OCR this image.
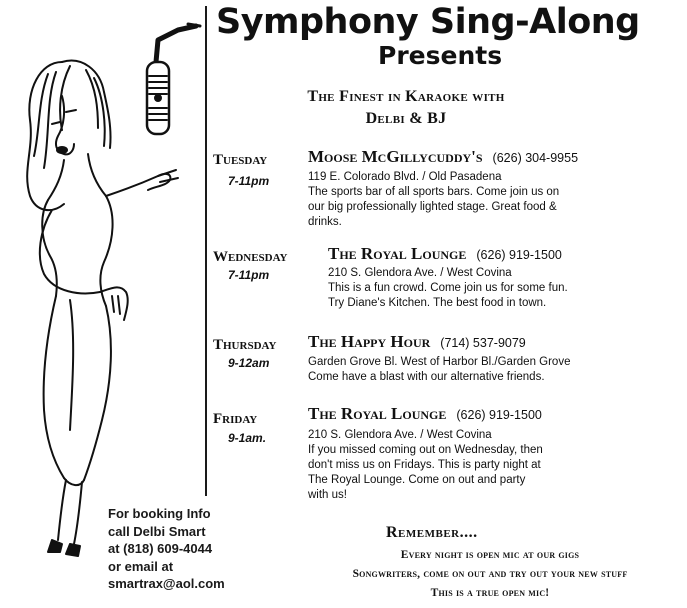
Symphony Sing-Along
Presents
The Finest in Karaoke with
Delbi & BJ
Tuesday
7-11pm
Moose McGillycuddy's (626) 304-9955
119 E. Colorado Blvd. / Old Pasadena
The sports bar of all sports bars. Come join us on
our big professionally lighted stage. Great food &
drinks.
Wednesday
7-11pm
The Royal Lounge (626) 919-1500
210 S. Glendora Ave. / West Covina
This is a fun crowd. Come join us for some fun.
Try Diane's Kitchen. The best food in town.
Thursday
9-12am
The Happy Hour (714) 537-9079
Garden Grove Bl. West of Harbor Bl./Garden Grove
Come have a blast with our alternative friends.
Friday
9-1am.
The Royal Lounge (626) 919-1500
210 S. Glendora Ave. / West Covina
If you missed coming out on Wednesday, then
don't miss us on Fridays. This is party night at
The Royal Lounge. Come on out and party
with us!
For booking Info
call Delbi Smart
at (818) 609-4044
or email at
smartrax@aol.com
Remember....
Every night is open mic at our gigs
Songwriters, come on out and try out your new stuff
This is a true open mic!
